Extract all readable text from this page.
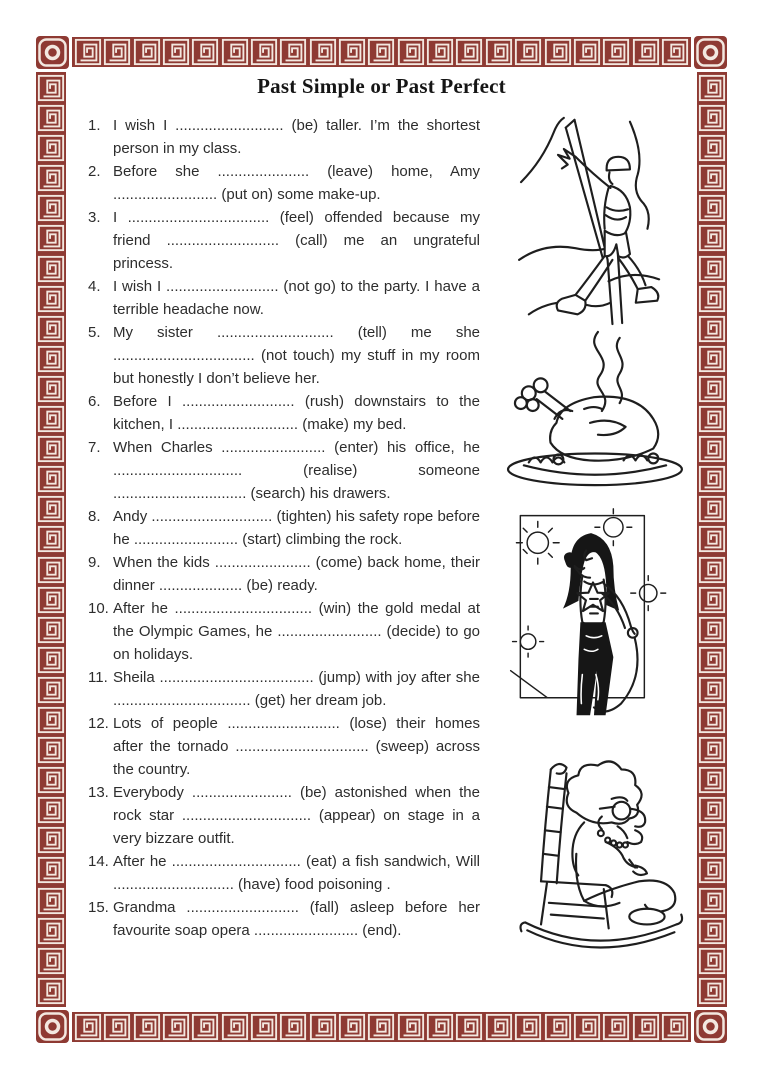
Past Simple or Past Perfect
1. I wish I .......................... (be) taller. I’m the shortest person in my class.
2. Before she ...................... (leave) home, Amy ......................... (put on) some make-up.
3. I .................................. (feel) offended because my friend ........................... (call) me an ungrateful princess.
4. I wish I ........................... (not go) to the party. I have a terrible headache now.
5. My sister ............................ (tell) me she .................................. (not touch) my stuff in my room but honestly I don’t believe her.
6. Before I ........................... (rush) downstairs to the kitchen, I ............................. (make) my bed.
7. When Charles ......................... (enter) his office, he ............................... (realise) someone ................................ (search) his drawers.
8. Andy ............................. (tighten) his safety rope before he ......................... (start) climbing the rock.
9. When the kids ....................... (come) back home, their dinner .................... (be) ready.
10. After he ................................. (win) the gold medal at the Olympic Games, he ......................... (decide) to go on holidays.
11. Sheila ..................................... (jump) with joy after she ................................. (get) her dream job.
12. Lots of people ........................... (lose) their homes after the tornado ................................ (sweep) across the country.
13. Everybody ........................ (be) astonished when the rock star ............................... (appear) on stage in a very bizzare outfit.
14. After he ............................... (eat) a fish sandwich, Will ............................. (have) food poisoning .
15. Grandma ........................... (fall) asleep before her favourite soap opera ......................... (end).
